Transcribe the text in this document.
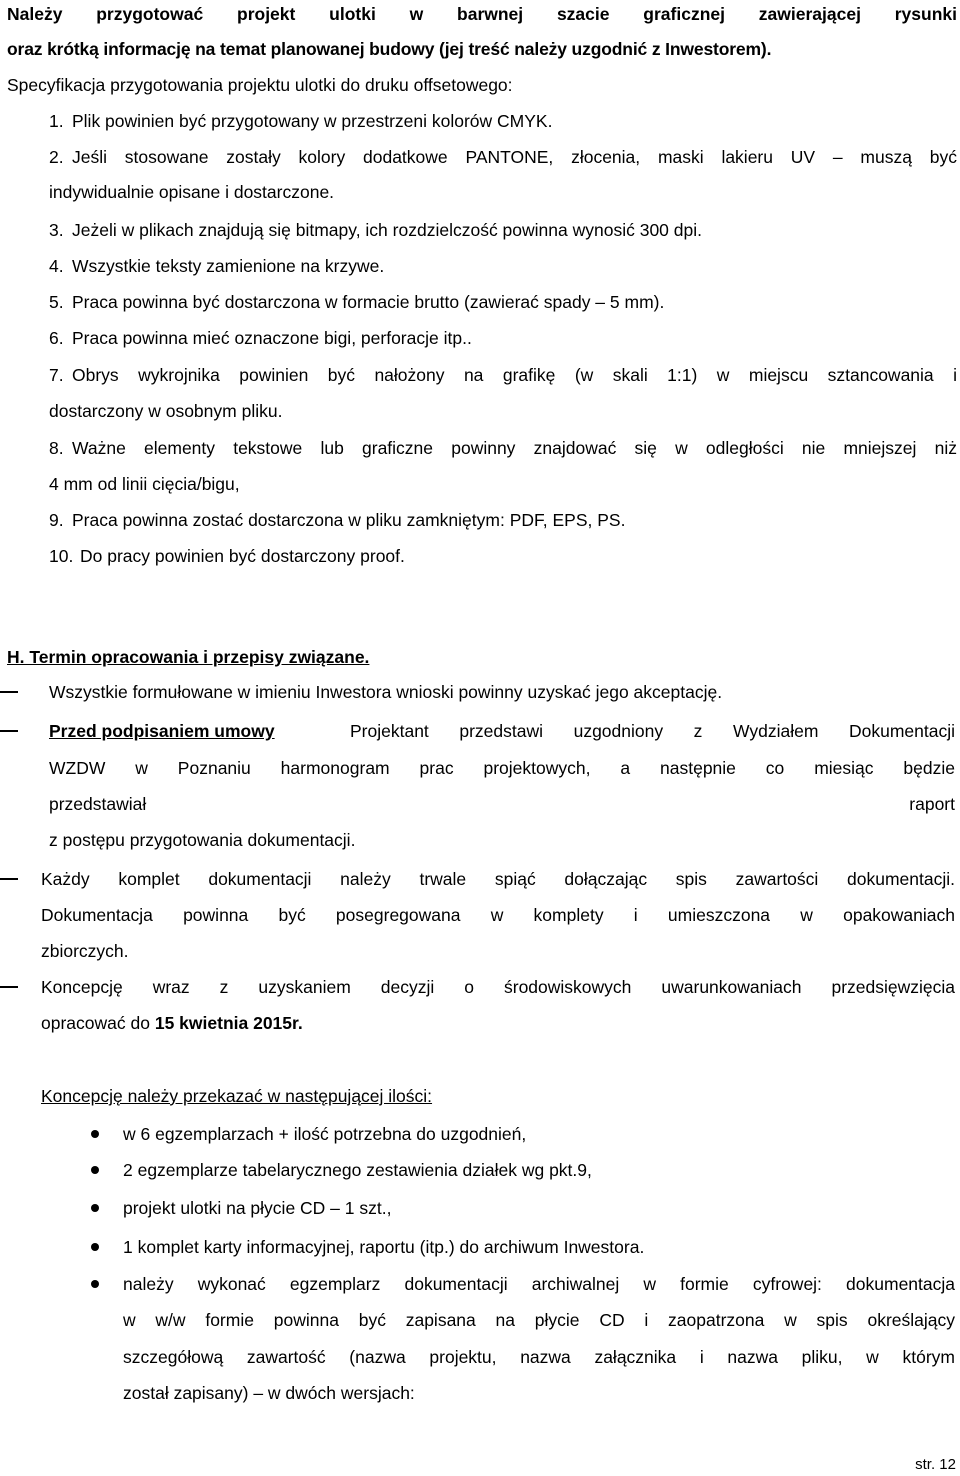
Należy przygotować projekt ulotki w barwnej szacie graficznej zawierającej rysunki
oraz krótką informację na temat planowanej budowy (jej treść należy uzgodnić z Inwestorem).
Specyfikacja przygotowania projektu ulotki do druku offsetowego:
1. Plik powinien być przygotowany w przestrzeni kolorów CMYK.
2. Jeśli stosowane zostały kolory dodatkowe PANTONE, złocenia, maski lakieru UV – muszą być
indywidualnie opisane i dostarczone.
3. Jeżeli w plikach znajdują się bitmapy, ich rozdzielczość powinna wynosić 300 dpi.
4. Wszystkie teksty zamienione na krzywe.
5. Praca powinna być dostarczona w formacie brutto (zawierać spady – 5 mm).
6. Praca powinna mieć oznaczone bigi, perforacje itp..
7. Obrys wykrojnika powinien być nałożony na grafikę (w skali 1:1) w miejscu sztancowania i
dostarczony w osobnym pliku.
8. Ważne elementy tekstowe lub graficzne powinny znajdować się w odległości nie mniejszej niż
4 mm od linii cięcia/bigu,
9. Praca powinna zostać dostarczona w pliku zamkniętym: PDF, EPS, PS.
10. Do pracy powinien być dostarczony proof.
H. Termin opracowania i przepisy związane.
Wszystkie formułowane w imieniu Inwestora wnioski powinny uzyskać jego akceptację.
Przed podpisaniem umowy	Projektant przedstawi uzgodniony z Wydziałem Dokumentacji
WZDW w Poznaniu harmonogram prac projektowych, a następnie co miesiąc będzie
przedstawiał	raport
z postępu przygotowania dokumentacji.
Każdy komplet dokumentacji należy trwale spiąć dołączając spis zawartości dokumentacji.
Dokumentacja powinna być posegregowana w komplety i umieszczona w opakowaniach
zbiorczych.
Koncepcję wraz z uzyskaniem decyzji o środowiskowych uwarunkowaniach przedsięwzięcia
opracować do 15 kwietnia 2015r.
Koncepcję należy przekazać w następującej ilości:
w 6 egzemplarzach + ilość potrzebna do uzgodnień,
2 egzemplarze tabelarycznego zestawienia działek wg pkt.9,
projekt ulotki na płycie CD – 1 szt.,
1 komplet karty informacyjnej, raportu (itp.) do archiwum Inwestora.
należy wykonać egzemplarz dokumentacji archiwalnej w formie cyfrowej: dokumentacja
w w/w formie powinna być zapisana na płycie CD i zaopatrzona w spis określający
szczegółową zawartość (nazwa projektu, nazwa załącznika i nazwa pliku, w którym
został zapisany) – w dwóch wersjach:
str. 12
